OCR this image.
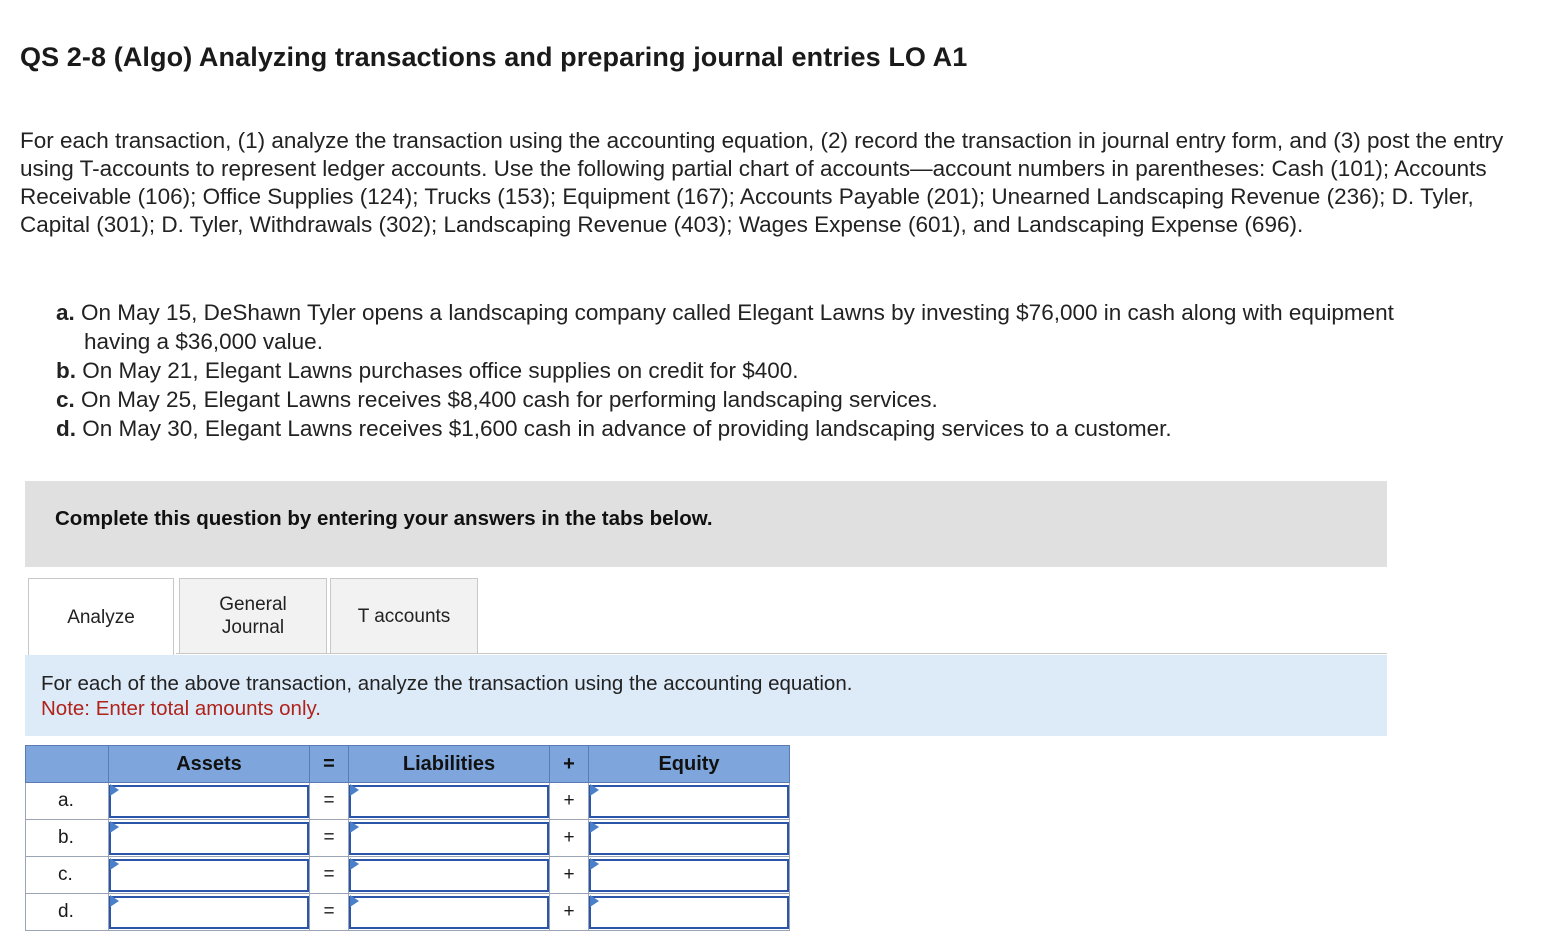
QS 2-8 (Algo) Analyzing transactions and preparing journal entries LO A1
For each transaction, (1) analyze the transaction using the accounting equation, (2) record the transaction in journal entry form, and (3) post the entry using T-accounts to represent ledger accounts. Use the following partial chart of accounts—account numbers in parentheses: Cash (101); Accounts Receivable (106); Office Supplies (124); Trucks (153); Equipment (167); Accounts Payable (201); Unearned Landscaping Revenue (236); D. Tyler, Capital (301); D. Tyler, Withdrawals (302); Landscaping Revenue (403); Wages Expense (601), and Landscaping Expense (696).
a. On May 15, DeShawn Tyler opens a landscaping company called Elegant Lawns by investing $76,000 in cash along with equipment having a $36,000 value.
b. On May 21, Elegant Lawns purchases office supplies on credit for $400.
c. On May 25, Elegant Lawns receives $8,400 cash for performing landscaping services.
d. On May 30, Elegant Lawns receives $1,600 cash in advance of providing landscaping services to a customer.
Complete this question by entering your answers in the tabs below.
Analyze
General Journal
T accounts
For each of the above transaction, analyze the transaction using the accounting equation.
Note: Enter total amounts only.
	Assets	=	Liabilities	+	Equity
a.		=		+	

b.		=		+	

c.		=		+	

d.		=		+	
